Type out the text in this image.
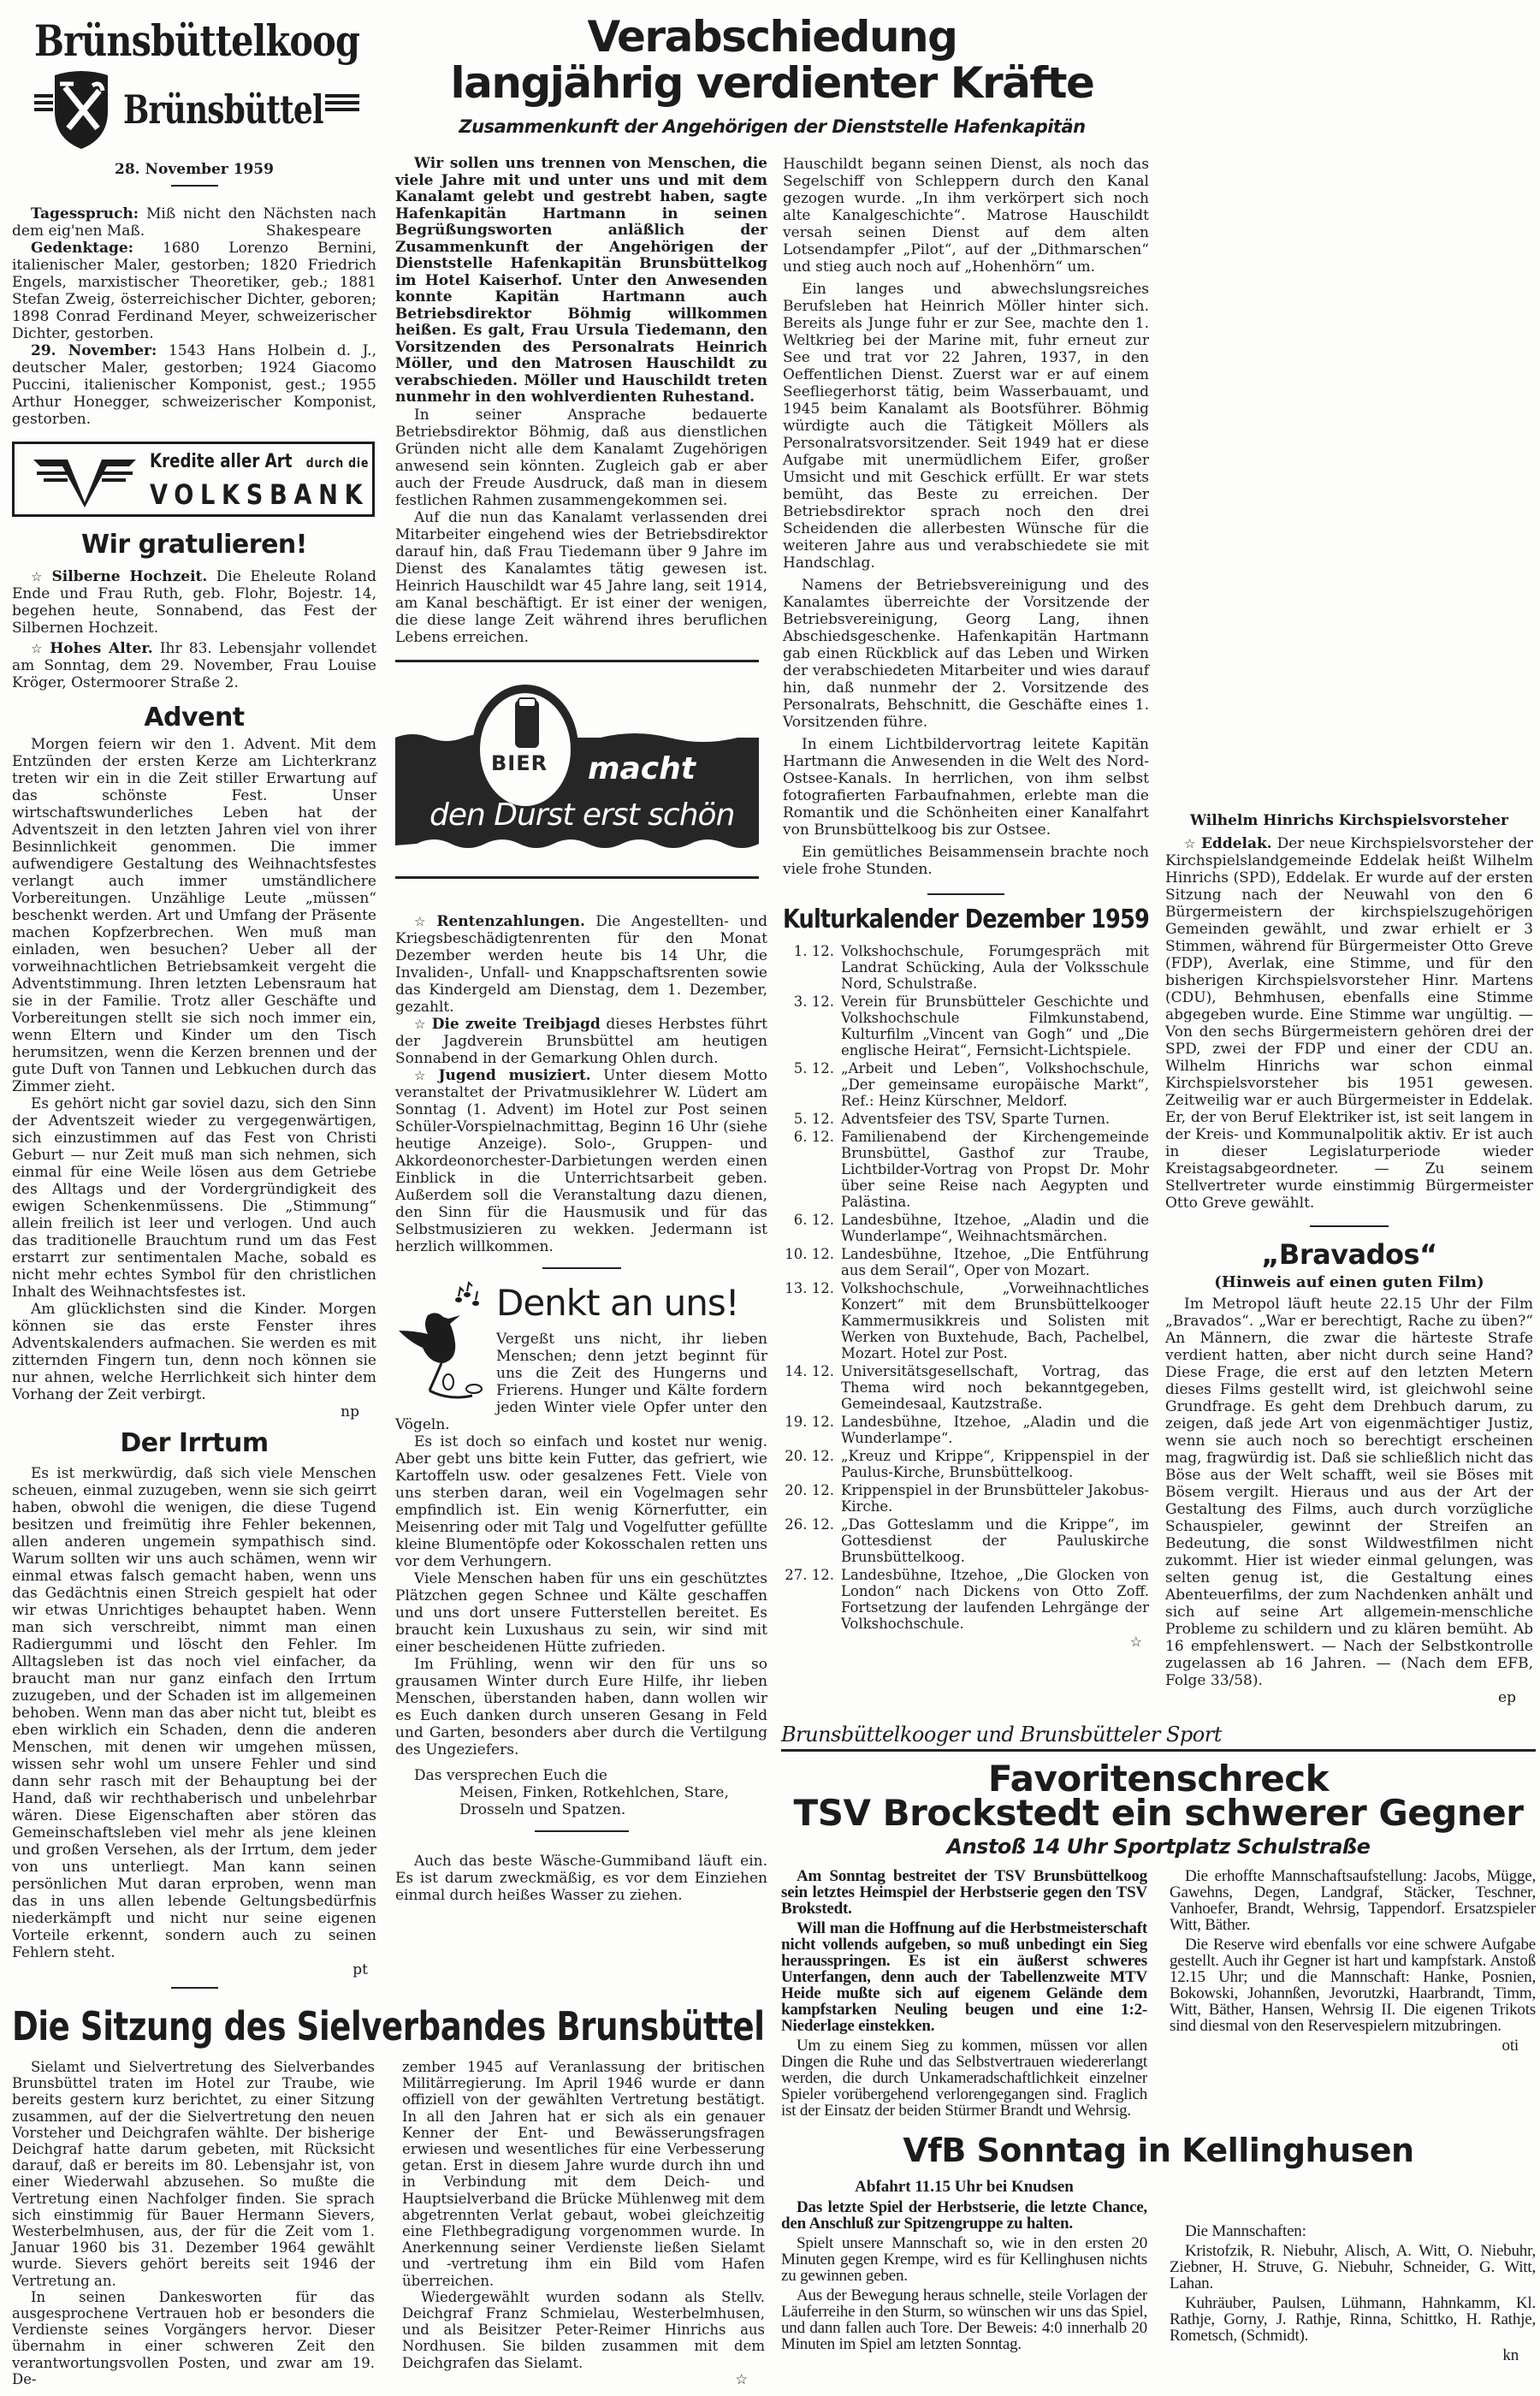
Verabschiedung
langjährig verdienter Kräfte
Zusammenkunft der Angehörigen der Dienststelle Hafenkapitän
Brünsbüttelkoog
Brünsbüttel
28. November 1959

Tagesspruch: Miß nicht den Nächsten nach dem eig'nen Maß.	Shakespeare

Gedenktage: 1680 Lorenzo Bernini, italienischer Maler, gestorben; 1820 Friedrich Engels, marxistischer Theoretiker, geb.; 1881 Stefan Zweig, österreichischer Dichter, geboren; 1898 Conrad Ferdinand Meyer, schweizerischer Dichter, gestorben.

29. November: 1543 Hans Holbein d. J., deutscher Maler, gestorben; 1924 Giacomo Puccini, italienischer Komponist, gest.; 1955 Arthur Honegger, schweizerischer Komponist, gestorben.

Kredite aller Art durch die
VOLKSBANK
Wir gratulieren!

☆ Silberne Hochzeit. Die Eheleute Roland Ende und Frau Ruth, geb. Flohr, Bojestr. 14, begehen heute, Sonnabend, das Fest der Silbernen Hochzeit.

☆ Hohes Alter. Ihr 83. Lebensjahr vollendet am Sonntag, dem 29. November, Frau Louise Kröger, Ostermoorer Straße 2.

Advent

Morgen feiern wir den 1. Advent. Mit dem Entzünden der ersten Kerze am Lichterkranz treten wir ein in die Zeit stiller Erwartung auf das schönste Fest. Unser wirtschaftswunderliches Leben hat der Adventszeit in den letzten Jahren viel von ihrer Besinnlichkeit genommen. Die immer aufwendigere Gestaltung des Weihnachtsfestes verlangt auch immer umständlichere Vorbereitungen. Unzählige Leute „müssen“ beschenkt werden. Art und Umfang der Präsente machen Kopfzerbrechen. Wen muß man einladen, wen besuchen? Ueber all der vorweihnachtlichen Betriebsamkeit vergeht die Adventstimmung. Ihren letzten Lebensraum hat sie in der Familie. Trotz aller Geschäfte und Vorbereitungen stellt sie sich noch immer ein, wenn Eltern und Kinder um den Tisch herumsitzen, wenn die Kerzen brennen und der gute Duft von Tannen und Lebkuchen durch das Zimmer zieht.

Es gehört nicht gar soviel dazu, sich den Sinn der Adventszeit wieder zu vergegenwärtigen, sich einzustimmen auf das Fest von Christi Geburt — nur Zeit muß man sich nehmen, sich einmal für eine Weile lösen aus dem Getriebe des Alltags und der Vordergründigkeit des ewigen Schenkenmüssens. Die „Stimmung“ allein freilich ist leer und verlogen. Und auch das traditionelle Brauchtum rund um das Fest erstarrt zur sentimentalen Mache, sobald es nicht mehr echtes Symbol für den christlichen Inhalt des Weihnachtsfestes ist.

Am glücklichsten sind die Kinder. Morgen können sie das erste Fenster ihres Adventskalenders aufmachen. Sie werden es mit zitternden Fingern tun, denn noch können sie nur ahnen, welche Herrlichkeit sich hinter dem Vorhang der Zeit verbirgt.

np
Der Irrtum

Es ist merkwürdig, daß sich viele Menschen scheuen, einmal zuzugeben, wenn sie sich geirrt haben, obwohl die wenigen, die diese Tugend besitzen und freimütig ihre Fehler bekennen, allen anderen ungemein sympathisch sind. Warum sollten wir uns auch schämen, wenn wir einmal etwas falsch gemacht haben, wenn uns das Gedächtnis einen Streich gespielt hat oder wir etwas Unrichtiges behauptet haben. Wenn man sich verschreibt, nimmt man einen Radiergummi und löscht den Fehler. Im Alltagsleben ist das noch viel einfacher, da braucht man nur ganz einfach den Irrtum zuzugeben, und der Schaden ist im allgemeinen behoben. Wenn man das aber nicht tut, bleibt es eben wirklich ein Schaden, denn die anderen Menschen, mit denen wir umgehen müssen, wissen sehr wohl um unsere Fehler und sind dann sehr rasch mit der Behauptung bei der Hand, daß wir rechthaberisch und unbelehrbar wären. Diese Eigenschaften aber stören das Gemeinschaftsleben viel mehr als jene kleinen und großen Versehen, als der Irrtum, dem jeder von uns unterliegt. Man kann seinen persönlichen Mut daran erproben, wenn man das in uns allen lebende Geltungsbedürfnis niederkämpft und nicht nur seine eigenen Vorteile erkennt, sondern auch zu seinen Fehlern steht.

pt

Wir sollen uns trennen von Menschen, die viele Jahre mit und unter uns und mit dem Kanalamt gelebt und gestrebt haben, sagte Hafenkapitän Hartmann in seinen Begrüßungsworten anläßlich der Zusammenkunft der Angehörigen der Dienststelle Hafenkapitän Brunsbüttelkog im Hotel Kaiserhof. Unter den Anwesenden konnte Kapitän Hartmann auch Betriebsdirektor Böhmig willkommen heißen. Es galt, Frau Ursula Tiedemann, den Vorsitzenden des Personalrats Heinrich Möller, und den Matrosen Hauschildt zu verabschieden. Möller und Hauschildt treten nunmehr in den wohlverdienten Ruhestand.

In seiner Ansprache bedauerte Betriebsdirektor Böhmig, daß aus dienstlichen Gründen nicht alle dem Kanalamt Zugehörigen anwesend sein könnten. Zugleich gab er aber auch der Freude Ausdruck, daß man in diesem festlichen Rahmen zusammengekommen sei.

Auf die nun das Kanalamt verlassenden drei Mitarbeiter eingehend wies der Betriebsdirektor darauf hin, daß Frau Tiedemann über 9 Jahre im Dienst des Kanalamtes tätig gewesen ist. Heinrich Hauschildt war 45 Jahre lang, seit 1914, am Kanal beschäftigt. Er ist einer der wenigen, die diese lange Zeit während ihres beruflichen Lebens erreichen.

BIER macht
den Durst erst schön

☆ Rentenzahlungen. Die Angestellten- und Kriegsbeschädigtenrenten für den Monat Dezember werden heute bis 14 Uhr, die Invaliden-, Unfall- und Knappschaftsrenten sowie das Kindergeld am Dienstag, dem 1. Dezember, gezahlt.

☆ Die zweite Treibjagd dieses Herbstes führt der Jagdverein Brunsbüttel am heutigen Sonnabend in der Gemarkung Ohlen durch.

☆ Jugend musiziert. Unter diesem Motto veranstaltet der Privatmusiklehrer W. Lüdert am Sonntag (1. Advent) im Hotel zur Post seinen Schüler-Vorspielnachmittag, Beginn 16 Uhr (siehe heutige Anzeige). Solo-, Gruppen- und Akkordeonorchester-Darbietungen werden einen Einblick in die Unterrichtsarbeit geben. Außerdem soll die Veranstaltung dazu dienen, den Sinn für die Hausmusik und für das Selbstmusizieren zu wekken. Jedermann ist herzlich willkommen.

Denkt an uns!

Vergeßt uns nicht, ihr lieben Menschen; denn jetzt beginnt für uns die Zeit des Hungerns und Frierens. Hunger und Kälte fordern jeden Winter viele Opfer unter den Vögeln.

Es ist doch so einfach und kostet nur wenig. Aber gebt uns bitte kein Futter, das gefriert, wie Kartoffeln usw. oder gesalzenes Fett. Viele von uns sterben daran, weil ein Vogelmagen sehr empfindlich ist. Ein wenig Körnerfutter, ein Meisenring oder mit Talg und Vogelfutter gefüllte kleine Blumentöpfe oder Kokosschalen retten uns vor dem Verhungern.

Viele Menschen haben für uns ein geschütztes Plätzchen gegen Schnee und Kälte geschaffen und uns dort unsere Futterstellen bereitet. Es braucht kein Luxushaus zu sein, wir sind mit einer bescheidenen Hütte zufrieden.

Im Frühling, wenn wir den für uns so grausamen Winter durch Eure Hilfe, ihr lieben Menschen, überstanden haben, dann wollen wir es Euch danken durch unseren Gesang in Feld und Garten, besonders aber durch die Vertilgung des Ungeziefers.

Das versprechen Euch die

Meisen, Finken, Rotkehlchen, Stare, Drosseln und Spatzen.

Auch das beste Wäsche-Gummiband läuft ein. Es ist darum zweckmäßig, es vor dem Einziehen einmal durch heißes Wasser zu ziehen.

Hauschildt begann seinen Dienst, als noch das Segelschiff von Schleppern durch den Kanal gezogen wurde. „In ihm verkörpert sich noch alte Kanalgeschichte“. Matrose Hauschildt versah seinen Dienst auf dem alten Lotsendampfer „Pilot“, auf der „Dithmarschen“ und stieg auch noch auf „Hohenhörn“ um.

Ein langes und abwechslungsreiches Berufsleben hat Heinrich Möller hinter sich. Bereits als Junge fuhr er zur See, machte den 1. Weltkrieg bei der Marine mit, fuhr erneut zur See und trat vor 22 Jahren, 1937, in den Oeffentlichen Dienst. Zuerst war er auf einem Seefliegerhorst tätig, beim Wasserbauamt, und 1945 beim Kanalamt als Bootsführer. Böhmig würdigte auch die Tätigkeit Möllers als Personalratsvorsitzender. Seit 1949 hat er diese Aufgabe mit unermüdlichem Eifer, großer Umsicht und mit Geschick erfüllt. Er war stets bemüht, das Beste zu erreichen. Der Betriebsdirektor sprach noch den drei Scheidenden die allerbesten Wünsche für die weiteren Jahre aus und verabschiedete sie mit Handschlag.

Namens der Betriebsvereinigung und des Kanalamtes überreichte der Vorsitzende der Betriebsvereinigung, Georg Lang, ihnen Abschiedsgeschenke. Hafenkapitän Hartmann gab einen Rückblick auf das Leben und Wirken der verabschiedeten Mitarbeiter und wies darauf hin, daß nunmehr der 2. Vorsitzende des Personalrats, Behschnitt, die Geschäfte eines 1. Vorsitzenden führe.

In einem Lichtbildervortrag leitete Kapitän Hartmann die Anwesenden in die Welt des Nord-Ostsee-Kanals. In herrlichen, von ihm selbst fotografierten Farbaufnahmen, erlebte man die Romantik und die Schönheiten einer Kanalfahrt von Brunsbüttelkoog bis zur Ostsee.

Ein gemütliches Beisammensein brachte noch viele frohe Stunden.

Kulturkalender Dezember 1959
1. 12. Volkshochschule, Forumgespräch mit Landrat Schücking, Aula der Volksschule Nord, Schulstraße.
3. 12. Verein für Brunsbütteler Geschichte und Volkshochschule Filmkunstabend, Kulturfilm „Vincent van Gogh“ und „Die englische Heirat“, Fernsicht-Lichtspiele.
5. 12. „Arbeit und Leben“, Volkshochschule, „Der gemeinsame europäische Markt“, Ref.: Heinz Kürschner, Meldorf.
5. 12. Adventsfeier des TSV, Sparte Turnen.
6. 12. Familienabend der Kirchengemeinde Brunsbüttel, Gasthof zur Traube, Lichtbilder-Vortrag von Propst Dr. Mohr über seine Reise nach Aegypten und Palästina.
6. 12. Landesbühne, Itzehoe, „Aladin und die Wunderlampe“, Weihnachtsmärchen.
10. 12. Landesbühne, Itzehoe, „Die Entführung aus dem Serail“, Oper von Mozart.
13. 12. Volkshochschule, „Vorweihnachtliches Konzert“ mit dem Brunsbüttelkooger Kammermusikkreis und Solisten mit Werken von Buxtehude, Bach, Pachelbel, Mozart. Hotel zur Post.
14. 12. Universitätsgesellschaft, Vortrag, das Thema wird noch bekanntgegeben, Gemeindesaal, Kautzstraße.
19. 12. Landesbühne, Itzehoe, „Aladin und die Wunderlampe“.
20. 12. „Kreuz und Krippe“, Krippenspiel in der Paulus-Kirche, Brunsbüttelkoog.
20. 12. Krippenspiel in der Brunsbütteler Jakobus-Kirche.
26. 12. „Das Gotteslamm und die Krippe“, im Gottesdienst der Pauluskirche Brunsbüttelkoog.
27. 12. Landesbühne, Itzehoe, „Die Glocken von London“ nach Dickens von Otto Zoff. Fortsetzung der laufenden Lehrgänge der Volkshochschule.
☆
Wilhelm Hinrichs Kirchspielsvorsteher

☆ Eddelak. Der neue Kirchspielsvorsteher der Kirchspielslandgemeinde Eddelak heißt Wilhelm Hinrichs (SPD), Eddelak. Er wurde auf der ersten Sitzung nach der Neuwahl von den 6 Bürgermeistern der kirchspielszugehörigen Gemeinden gewählt, und zwar erhielt er 3 Stimmen, während für Bürgermeister Otto Greve (FDP), Averlak, eine Stimme, und für den bisherigen Kirchspielsvorsteher Hinr. Martens (CDU), Behmhusen, ebenfalls eine Stimme abgegeben wurde. Eine Stimme war ungültig. — Von den sechs Bürgermeistern gehören drei der SPD, zwei der FDP und einer der CDU an. Wilhelm Hinrichs war schon einmal Kirchspielsvorsteher bis 1951 gewesen. Zeitweilig war er auch Bürgermeister in Eddelak. Er, der von Beruf Elektriker ist, ist seit langem in der Kreis- und Kommunalpolitik aktiv. Er ist auch in dieser Legislaturperiode wieder Kreistagsabgeordneter. — Zu seinem Stellvertreter wurde einstimmig Bürgermeister Otto Greve gewählt.

„Bravados“
(Hinweis auf einen guten Film)

Im Metropol läuft heute 22.15 Uhr der Film „Bravados“. „War er berechtigt, Rache zu üben?“ An Männern, die zwar die härteste Strafe verdient hatten, aber nicht durch seine Hand? Diese Frage, die erst auf den letzten Metern dieses Films gestellt wird, ist gleichwohl seine Grundfrage. Es geht dem Drehbuch darum, zu zeigen, daß jede Art von eigenmächtiger Justiz, wenn sie auch noch so berechtigt erscheinen mag, fragwürdig ist. Daß sie schließlich nicht das Böse aus der Welt schafft, weil sie Böses mit Bösem vergilt. Hieraus und aus der Art der Gestaltung des Films, auch durch vorzügliche Schauspieler, gewinnt der Streifen an Bedeutung, die sonst Wildwestfilmen nicht zukommt. Hier ist wieder einmal gelungen, was selten genug ist, die Gestaltung eines Abenteuerfilms, der zum Nachdenken anhält und sich auf seine Art allgemein-menschliche Probleme zu schildern und zu klären bemüht. Ab 16 empfehlenswert. — Nach der Selbstkontrolle zugelassen ab 16 Jahren. — (Nach dem EFB, Folge 33/58).

ep
Die Sitzung des Sielverbandes Brunsbüttel

Sielamt und Sielvertretung des Sielverbandes Brunsbüttel traten im Hotel zur Traube, wie bereits gestern kurz berichtet, zu einer Sitzung zusammen, auf der die Sielvertretung den neuen Vorsteher und Deichgrafen wählte. Der bisherige Deichgraf hatte darum gebeten, mit Rücksicht darauf, daß er bereits im 80. Lebensjahr ist, von einer Wiederwahl abzusehen. So mußte die Vertretung einen Nachfolger finden. Sie sprach sich einstimmig für Bauer Hermann Sievers, Westerbelmhusen, aus, der für die Zeit vom 1. Januar 1960 bis 31. Dezember 1964 gewählt wurde. Sievers gehört bereits seit 1946 der Vertretung an.

In seinen Dankesworten für das ausgesprochene Vertrauen hob er besonders die Verdienste seines Vorgängers hervor. Dieser übernahm in einer schweren Zeit den verantwortungsvollen Posten, und zwar am 19. De-

zember 1945 auf Veranlassung der britischen Militärregierung. Im April 1946 wurde er dann offiziell von der gewählten Vertretung bestätigt. In all den Jahren hat er sich als ein genauer Kenner der Ent- und Bewässerungsfragen erwiesen und wesentliches für eine Verbesserung getan. Erst in diesem Jahre wurde durch ihn und in Verbindung mit dem Deich- und Hauptsielverband die Brücke Mühlenweg mit dem abgetrennten Verlat gebaut, wobei gleichzeitig eine Flethbegradigung vorgenommen wurde. In Anerkennung seiner Verdienste ließen Sielamt und -vertretung ihm ein Bild vom Hafen überreichen.

Wiedergewählt wurden sodann als Stellv. Deichgraf Franz Schmielau, Westerbelmhusen, und als Beisitzer Peter-Reimer Hinrichs aus Nordhusen. Sie bilden zusammen mit dem Deichgrafen das Sielamt.

☆
Brunsbüttelkooger und Brunsbütteler Sport
Favoritenschreck
TSV Brockstedt ein schwerer Gegner
Anstoß 14 Uhr Sportplatz Schulstraße

Am Sonntag bestreitet der TSV Brunsbüttelkoog sein letztes Heimspiel der Herbstserie gegen den TSV Brokstedt.

Will man die Hoffnung auf die Herbstmeisterschaft nicht vollends aufgeben, so muß unbedingt ein Sieg herausspringen. Es ist ein äußerst schweres Unterfangen, denn auch der Tabellenzweite MTV Heide mußte sich auf eigenem Gelände dem kampfstarken Neuling beugen und eine 1:2-Niederlage einstekken.

Um zu einem Sieg zu kommen, müssen vor allen Dingen die Ruhe und das Selbstvertrauen wiedererlangt werden, die durch Unkameradschaftlichkeit einzelner Spieler vorübergehend verlorengegangen sind. Fraglich ist der Einsatz der beiden Stürmer Brandt und Wehrsig.

Die erhoffte Mannschaftsaufstellung: Jacobs, Mügge, Gawehns, Degen, Landgraf, Stäcker, Teschner, Vanhoefer, Brandt, Wehrsig, Tappendorf. Ersatzspieler Witt, Bäther.

Die Reserve wird ebenfalls vor eine schwere Aufgabe gestellt. Auch ihr Gegner ist hart und kampfstark. Anstoß 12.15 Uhr; und die Mannschaft: Hanke, Posnien, Bokowski, Johannßen, Jevorutzki, Haarbrandt, Timm, Witt, Bäther, Hansen, Wehrsig II. Die eigenen Trikots sind diesmal von den Reservespielern mitzubringen.

oti
VfB Sonntag in Kellinghusen
Abfahrt 11.15 Uhr bei Knudsen

Das letzte Spiel der Herbstserie, die letzte Chance, den Anschluß zur Spitzengruppe zu halten.

Spielt unsere Mannschaft so, wie in den ersten 20 Minuten gegen Krempe, wird es für Kellinghusen nichts zu gewinnen geben.

Aus der Bewegung heraus schnelle, steile Vorlagen der Läuferreihe in den Sturm, so wünschen wir uns das Spiel, und dann fallen auch Tore. Der Beweis: 4:0 innerhalb 20 Minuten im Spiel am letzten Sonntag.

Die Mannschaften:

Kristofzik, R. Niebuhr, Alisch, A. Witt, O. Niebuhr, Ziebner, H. Struve, G. Niebuhr, Schneider, G. Witt, Lahan.

Kuhräuber, Paulsen, Lühmann, Hahnkamm, Kl. Rathje, Gorny, J. Rathje, Rinna, Schittko, H. Rathje, Rometsch, (Schmidt).

kn
